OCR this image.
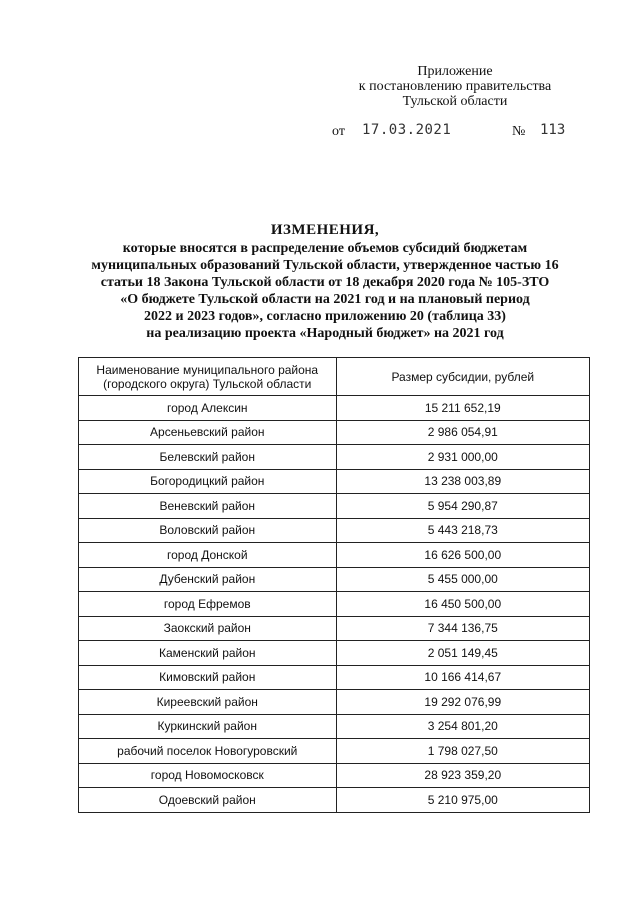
Приложение
к постановлению правительства
Тульской области
от 17.03.2021	№ 113
ИЗМЕНЕНИЯ,
которые вносятся в распределение объемов субсидий бюджетам
муниципальных образований Тульской области, утвержденное частью 16
статьи 18 Закона Тульской области от 18 декабря 2020 года № 105-ЗТО
«О бюджете Тульской области на 2021 год и на плановый период
2022 и 2023 годов», согласно приложению 20 (таблица 33)
на реализацию проекта «Народный бюджет» на 2021 год
Наименование муниципального района (городского округа) Тульской области	Размер субсидии, рублей
город Алексин	15 211 652,19
Арсеньевский район	2 986 054,91
Белевский район	2 931 000,00
Богородицкий район	13 238 003,89
Веневский район	5 954 290,87
Воловский район	5 443 218,73
город Донской	16 626 500,00
Дубенский район	5 455 000,00
город Ефремов	16 450 500,00
Заокский район	7 344 136,75
Каменский район	2 051 149,45
Кимовский район	10 166 414,67
Киреевский район	19 292 076,99
Куркинский район	3 254 801,20
рабочий поселок Новогуровский	1 798 027,50
город Новомосковск	28 923 359,20
Одоевский район	5 210 975,00
